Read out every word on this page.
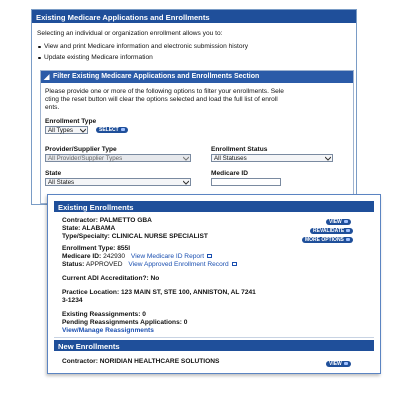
Existing Medicare Applications and Enrollments
Selecting an individual or organization enrollment allows you to:
View and print Medicare information and electronic submission history
Update existing Medicare information
◢ Filter Existing Medicare Applications and Enrollments Section
Please provide one or more of the following options to filter your enrollments. Sele
cting the reset button will clear the options selected and load the full list of enroll
ents.
Enrollment Type
All Types	SELECT
Provider/Supplier Type
All Provider/Supplier Types
Enrollment Status
All Statuses
State
All States
Medicare ID
Existing Enrollments
Contractor: PALMETTO GBA
State: ALABAMA
Type/Specialty: CLINICAL NURSE SPECIALIST
VIEW
REVALIDATE
MORE OPTIONS
Enrollment Type: 855I
Medicare ID: 242930 View Medicare ID Report
Status: APPROVED View Approved Enrollment Record
Current ADI Accreditation?: No
Practice Location: 123 MAIN ST, STE 100, ANNISTON, AL 7241
3-1234
Existing Reassignments: 0
Pending Reassignments Applications: 0
View/Manage Reassignments
New Enrollments
Contractor: NORIDIAN HEALTHCARE SOLUTIONS	VIEW
